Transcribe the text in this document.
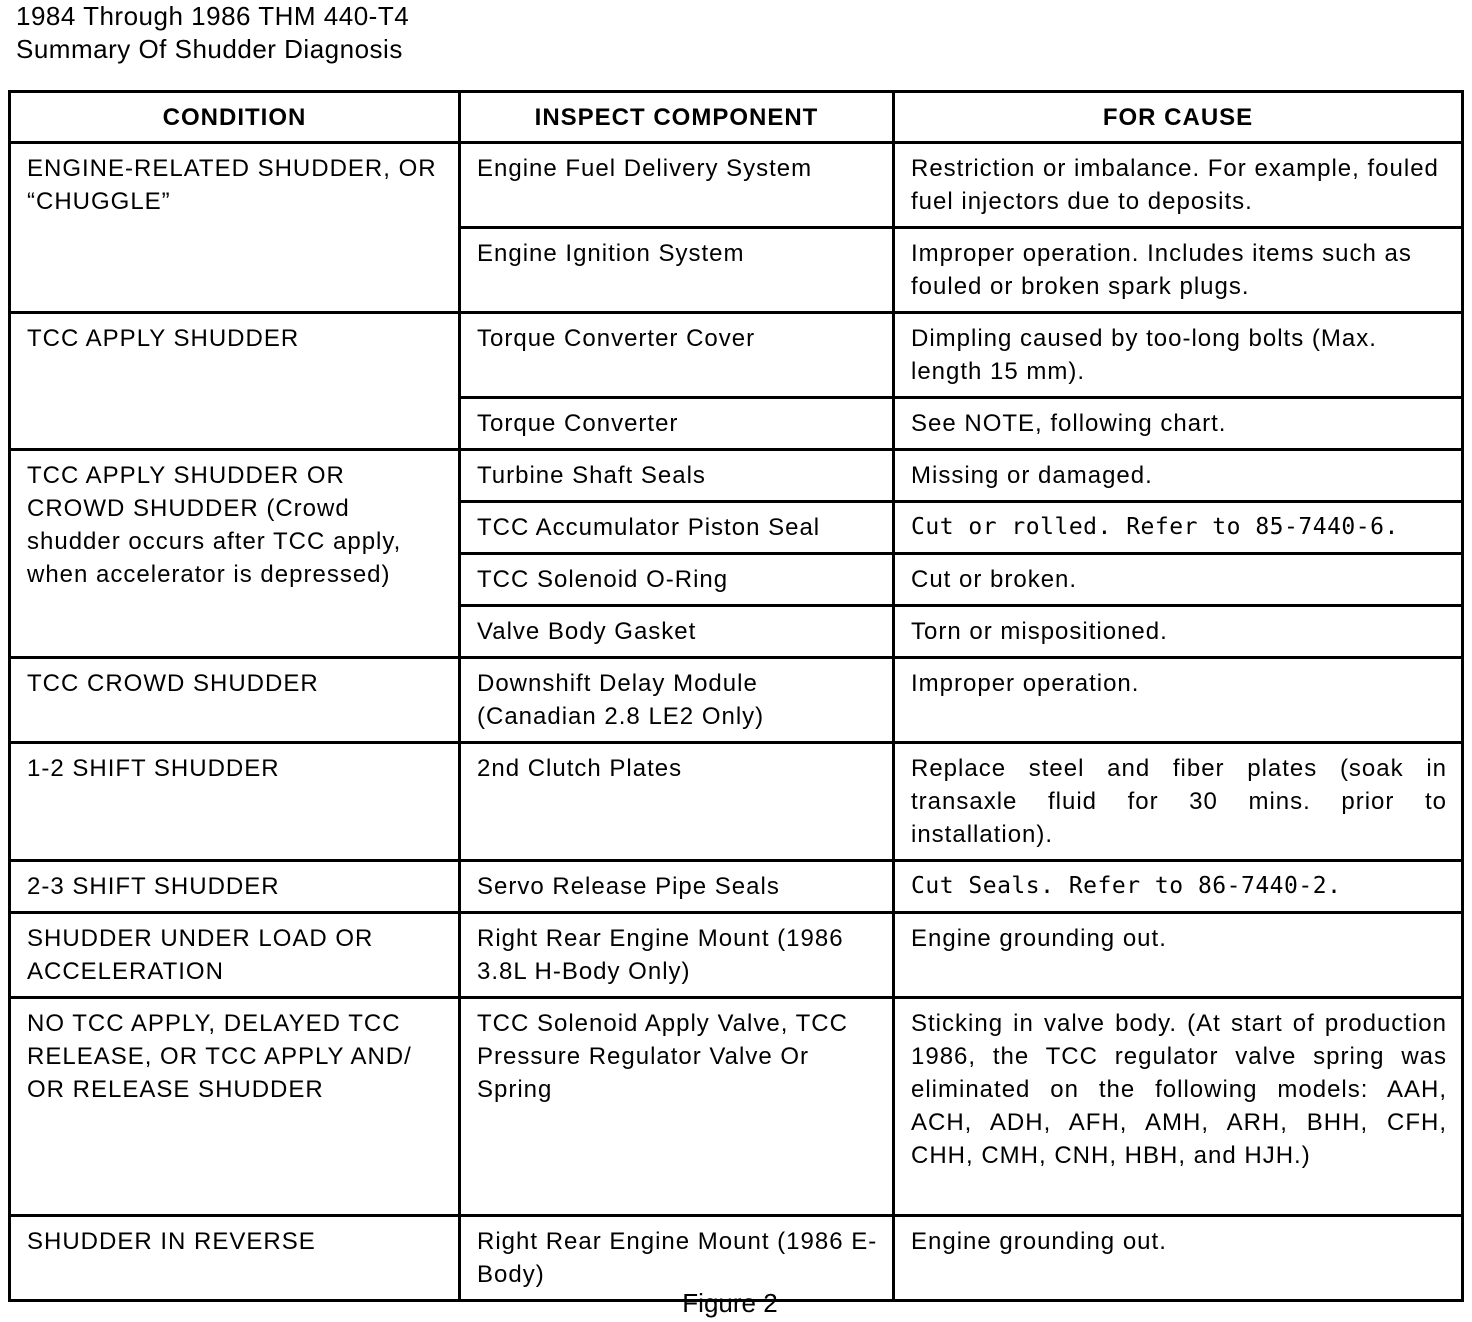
1984 Through 1986 THM 440-T4
Summary Of Shudder Diagnosis
CONDITION	INSPECT COMPONENT	FOR CAUSE
ENGINE-RELATED SHUDDER, OR “CHUGGLE”	Engine Fuel Delivery System	Restriction or imbalance. For example, fouled fuel injectors due to deposits.
	Engine Ignition System	Improper operation. Includes items such as fouled or broken spark plugs.
TCC APPLY SHUDDER	Torque Converter Cover	Dimpling caused by too-long bolts (Max. length 15 mm).
	Torque Converter	See NOTE, following chart.
TCC APPLY SHUDDER OR CROWD SHUDDER (Crowd shudder occurs after TCC apply, when accelerator is depressed)	Turbine Shaft Seals	Missing or damaged.
	TCC Accumulator Piston Seal	Cut or rolled. Refer to 85-7440-6.
	TCC Solenoid O-Ring	Cut or broken.
	Valve Body Gasket	Torn or mispositioned.
TCC CROWD SHUDDER	Downshift Delay Module (Canadian 2.8 LE2 Only)	Improper operation.
1-2 SHIFT SHUDDER	2nd Clutch Plates	Replace steel and fiber plates (soak in transaxle fluid for 30 mins. prior to installation).
2-3 SHIFT SHUDDER	Servo Release Pipe Seals	Cut Seals. Refer to 86-7440-2.
SHUDDER UNDER LOAD OR ACCELERATION	Right Rear Engine Mount (1986 3.8L H-Body Only)	Engine grounding out.
NO TCC APPLY, DELAYED TCC RELEASE, OR TCC APPLY AND/ OR RELEASE SHUDDER	TCC Solenoid Apply Valve, TCC Pressure Regulator Valve Or Spring	Sticking in valve body. (At start of production 1986, the TCC regulator valve spring was eliminated on the following models: AAH, ACH, ADH, AFH, AMH, ARH, BHH, CFH, CHH, CMH, CNH, HBH, and HJH.)
SHUDDER IN REVERSE	Right Rear Engine Mount (1986 E-Body)	Engine grounding out.
Figure 2
